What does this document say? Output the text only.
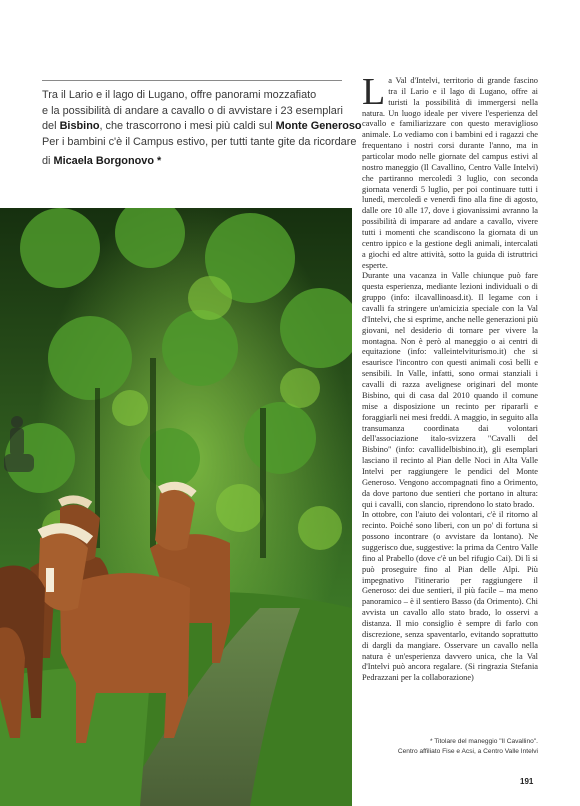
Tra il Lario e il lago di Lugano, offre panorami mozzafiato

e la possibilità di andare a cavallo o di avvistare i 23 esemplari

del Bisbino, che trascorrono i mesi più caldi sul Monte Generoso

Per i bambini c'è il Campus estivo, per tutti tante gite da ricordare

di Micaela Borgonovo *

La Val d'Intelvi, territorio di grande fascino tra il Lario e il lago di Lugano, offre ai turisti la possibilità di immergersi nella natura. Un luogo ideale per vivere l'esperienza del cavallo e familiarizzare con questo meraviglioso animale. Lo vediamo con i bambini ed i ragazzi che frequentano i nostri corsi durante l'anno, ma in particolar modo nelle giornate del campus estivi al nostro maneggio (Il Cavallino, Centro Valle Intelvi) che partiranno mercoledì 3 luglio, con seconda giornata venerdì 5 luglio, per poi continuare tutti i lunedì, mercoledì e venerdì fino alla fine di agosto, dalle ore 10 alle 17, dove i giovanissimi avranno la possibilità di imparare ad andare a cavallo, vivere tutti i momenti che scandiscono la giornata di un centro ippico e la gestione degli animali, intercalati a giochi ed altre attività, sotto la guida di istruttrici esperte.

Durante una vacanza in Valle chiunque può fare questa esperienza, mediante lezioni individuali o di gruppo (info: ilcavallinoasd.it). Il legame con i cavalli fa stringere un'amicizia speciale con la Val d'Intelvi, che si esprime, anche nelle generazioni più giovani, nel desiderio di tornare per vivere la montagna. Non è però al maneggio o ai centri di equitazione (info: valleintelviturismo.it) che si esaurisce l'incontro con questi animali così belli e sensibili. In Valle, infatti, sono ormai stanziali i cavalli di razza avelignese originari del monte Bisbino, qui di casa dal 2010 quando il comune mise a disposizione un recinto per ripararli e foraggiarli nei mesi freddi. A maggio, in seguito alla transumanza coordinata dai volontari dell'associazione italo-svizzera "Cavalli del Bisbino" (info: cavallidelbisbino.it), gli esemplari lasciano il recinto al Pian delle Noci in Alta Valle Intelvi per raggiungere le pendici del Monte Generoso. Vengono accompagnati fino a Orimento, da dove partono due sentieri che portano in altura: qui i cavalli, con slancio, riprendono lo stato brado.

In ottobre, con l'aiuto dei volontari, c'è il ritorno al recinto. Poiché sono liberi, con un po' di fortuna si possono incontrare (o avvistare da lontano). Ne suggerisco due, suggestive: la prima da Centro Valle fino al Prabello (dove c'è un bel rifugio Cai). Di lì si può proseguire fino al Pian delle Alpi. Più impegnativo l'itinerario per raggiungere il Generoso: dei due sentieri, il più facile – ma meno panoramico – è il sentiero Basso (da Orimento). Chi avvista un cavallo allo stato brado, lo osservi a distanza. Il mio consiglio è sempre di farlo con discrezione, senza spaventarlo, evitando soprattutto di dargli da mangiare. Osservare un cavallo nella natura è un'esperienza davvero unica, che la Val d'Intelvi può ancora regalare. (Si ringrazia Stefania Pedrazzani per la collaborazione)

* Titolare del maneggio "Il Cavallino".

Centro affiliato Fise e Acsi, a Centro Valle Intelvi

191
